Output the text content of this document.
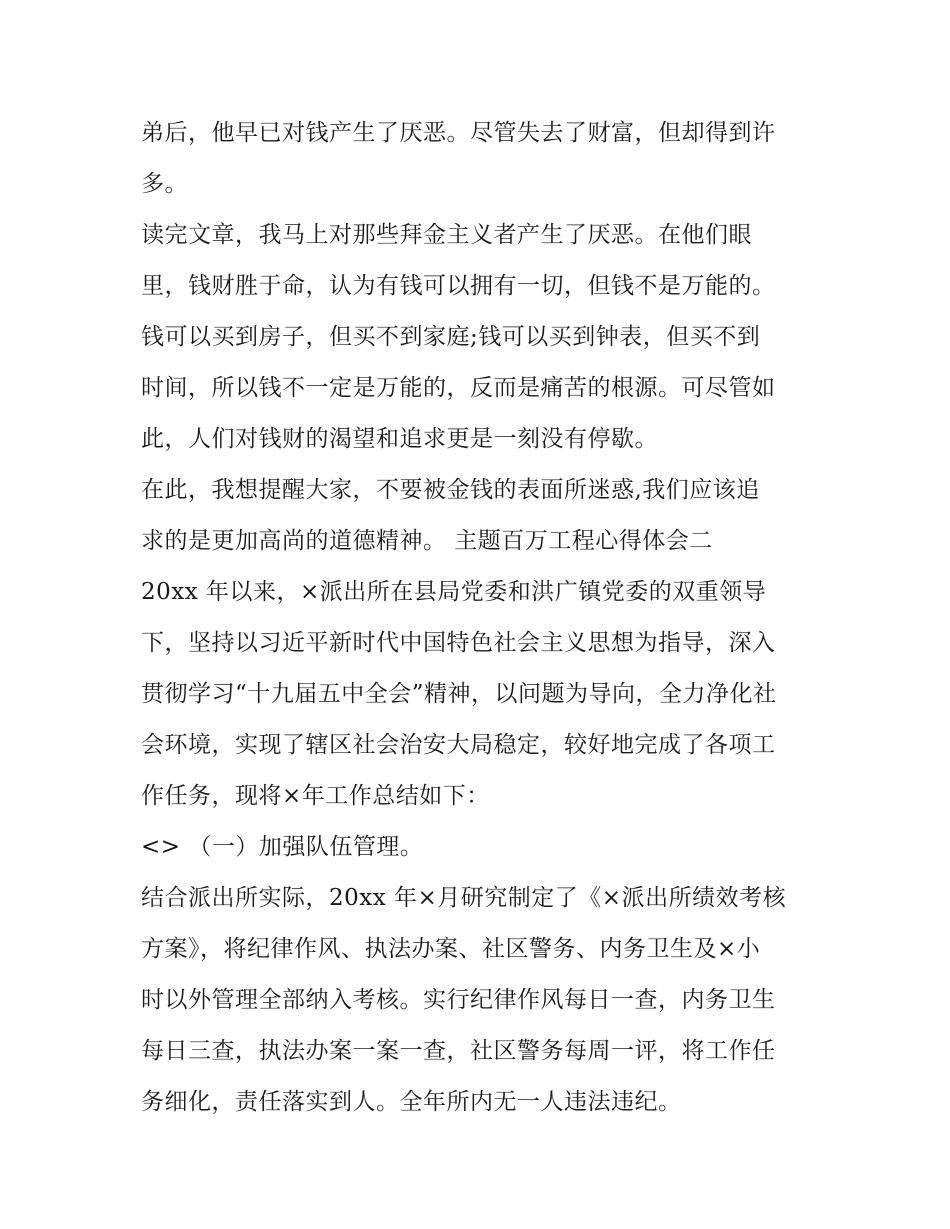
弟后，他早已对钱产生了厌恶。尽管失去了财富，但却得到许
多。
读完文章，我马上对那些拜金主义者产生了厌恶。在他们眼
里，钱财胜于命，认为有钱可以拥有一切，但钱不是万能的。
钱可以买到房子，但买不到家庭;钱可以买到钟表，但买不到
时间，所以钱不一定是万能的，反而是痛苦的根源。可尽管如
此，人们对钱财的渴望和追求更是一刻没有停歇。
在此，我想提醒大家，不要被金钱的表面所迷惑,我们应该追
求的是更加高尚的道德精神。 主题百万工程心得体会二
20xx 年以来，×派出所在县局党委和洪广镇党委的双重领导
下，坚持以习近平新时代中国特色社会主义思想为指导，深入
贯彻学习“十九届五中全会”精神，以问题为导向，全力净化社
会环境，实现了辖区社会治安大局稳定，较好地完成了各项工
作任务，现将×年工作总结如下：
<> （一）加强队伍管理。
结合派出所实际，20xx 年×月研究制定了《×派出所绩效考核
方案》，将纪律作风、执法办案、社区警务、内务卫生及×小
时以外管理全部纳入考核。实行纪律作风每日一查，内务卫生
每日三查，执法办案一案一查，社区警务每周一评，将工作任
务细化，责任落实到人。全年所内无一人违法违纪。
